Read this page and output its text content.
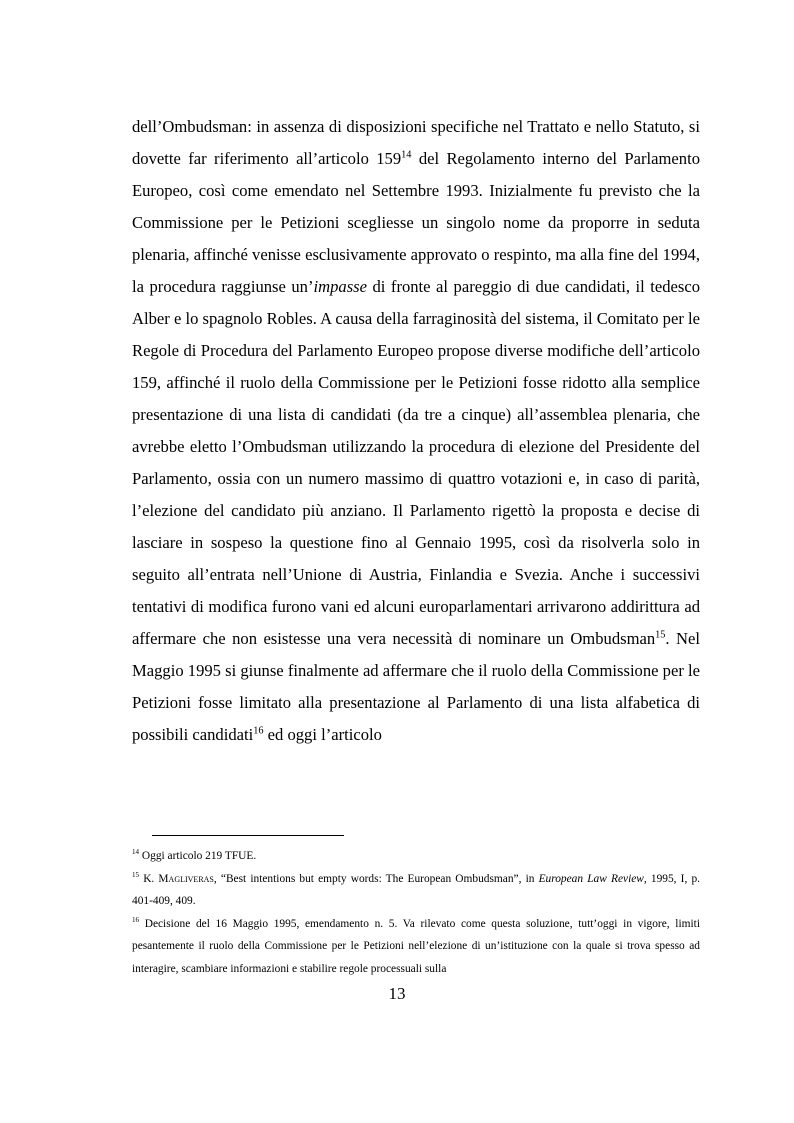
dell’Ombudsman: in assenza di disposizioni specifiche nel Trattato e nello Statuto, si dovette far riferimento all’articolo $159^{14}$ del Regolamento interno del Parlamento Europeo, così come emendato nel Settembre 1993. Inizialmente fu previsto che la Commissione per le Petizioni scegliesse un singolo nome da proporre in seduta plenaria, affinché venisse esclusivamente approvato o respinto, ma alla fine del 1994, la procedura raggiunse un’impasse di fronte al pareggio di due candidati, il tedesco Alber e lo spagnolo Robles. A causa della farraginosità del sistema, il Comitato per le Regole di Procedura del Parlamento Europeo propose diverse modifiche dell’articolo 159, affinché il ruolo della Commissione per le Petizioni fosse ridotto alla semplice presentazione di una lista di candidati (da tre a cinque) all’assemblea plenaria, che avrebbe eletto l’Ombudsman utilizzando la procedura di elezione del Presidente del Parlamento, ossia con un numero massimo di quattro votazioni e, in caso di parità, l’elezione del candidato più anziano. Il Parlamento rigettò la proposta e decise di lasciare in sospeso la questione fino al Gennaio 1995, così da risolverla solo in seguito all’entrata nell’Unione di Austria, Finlandia e Svezia. Anche i successivi tentativi di modifica furono vani ed alcuni europarlamentari arrivarono addirittura ad affermare che non esistesse una vera necessità di nominare un Ombudsman$^{15}$. Nel Maggio 1995 si giunse finalmente ad affermare che il ruolo della Commissione per le Petizioni fosse limitato alla presentazione al Parlamento di una lista alfabetica di possibili candidati$^{16}$ ed oggi l’articolo

$^{14}$ Oggi articolo 219 TFUE.

$^{15}$ K. Magliveras, “Best intentions but empty words: The European Ombudsman”, in European Law Review, 1995, I, p. 401-409, 409.

$^{16}$ Decisione del 16 Maggio 1995, emendamento n. 5. Va rilevato come questa soluzione, tutt’oggi in vigore, limiti pesantemente il ruolo della Commissione per le Petizioni nell’elezione di un’istituzione con la quale si trova spesso ad interagire, scambiare informazioni e stabilire regole processuali sulla

13
